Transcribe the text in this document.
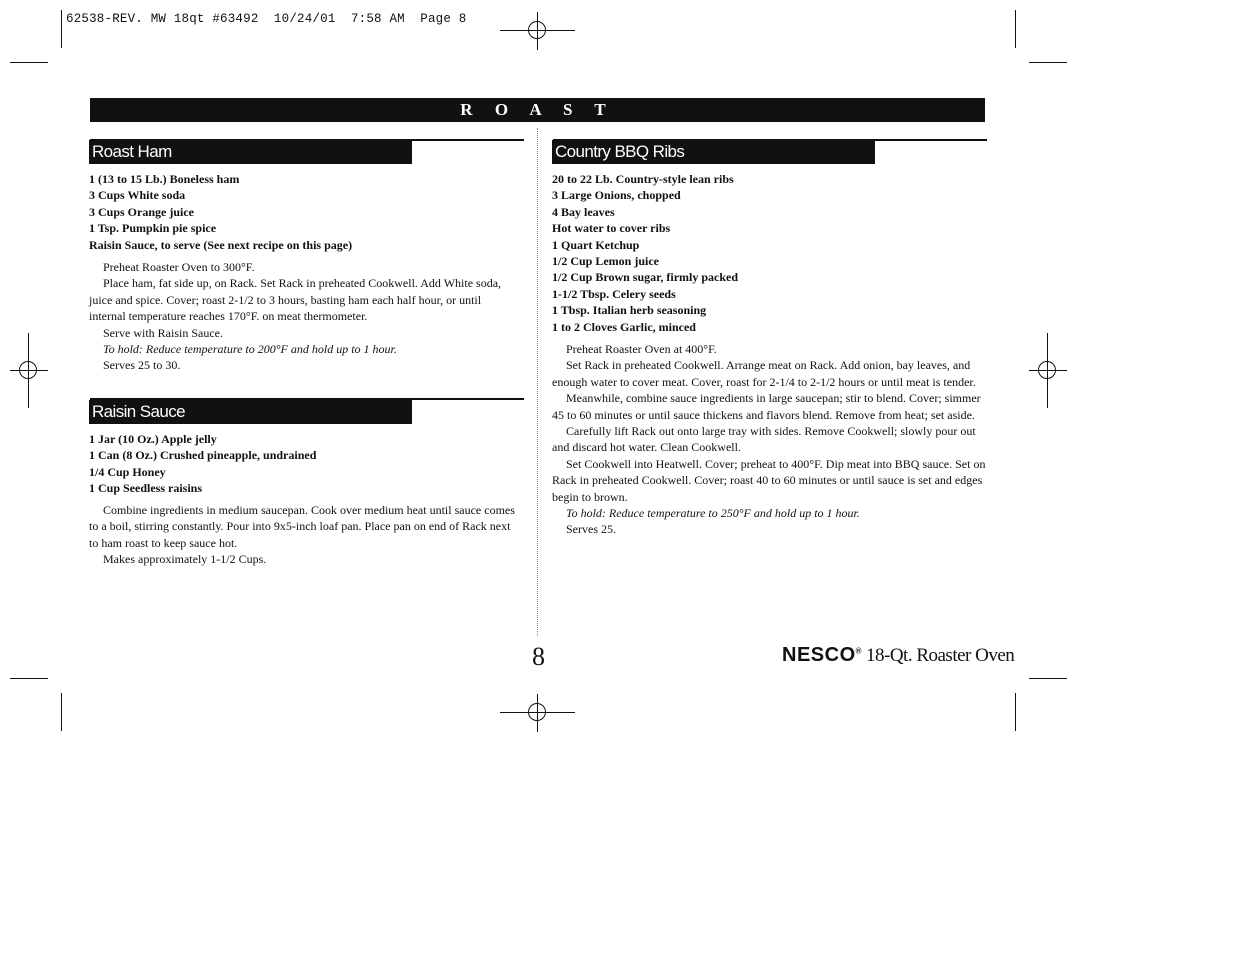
62538-REV. MW 18qt #63492  10/24/01  7:58 AM  Page 8
R O A S T
Roast Ham
1 (13 to 15 Lb.) Boneless ham
3 Cups White soda
3 Cups Orange juice
1 Tsp. Pumpkin pie spice
Raisin Sauce, to serve (See next recipe on this page)

Preheat Roaster Oven to 300°F.

Place ham, fat side up, on Rack. Set Rack in preheated Cookwell. Add White soda, juice and spice. Cover; roast 2-1/2 to 3 hours, basting ham each half hour, or until internal temperature reaches 170°F. on meat thermometer.

Serve with Raisin Sauce.

To hold: Reduce temperature to 200°F and hold up to 1 hour.

Serves 25 to 30.

Raisin Sauce
1 Jar (10 Oz.) Apple jelly
1 Can (8 Oz.) Crushed pineapple, undrained
1/4 Cup Honey
1 Cup Seedless raisins

Combine ingredients in medium saucepan. Cook over medium heat until sauce comes to a boil, stirring constantly. Pour into 9x5-inch loaf pan. Place pan on end of Rack next to ham roast to keep sauce hot.

Makes approximately 1-1/2 Cups.

Country BBQ Ribs
20 to 22 Lb. Country-style lean ribs
3 Large Onions, chopped
4 Bay leaves
Hot water to cover ribs
1 Quart Ketchup
1/2 Cup Lemon juice
1/2 Cup Brown sugar, firmly packed
1-1/2 Tbsp. Celery seeds
1 Tbsp. Italian herb seasoning
1 to 2 Cloves Garlic, minced

Preheat Roaster Oven at 400°F.

Set Rack in preheated Cookwell. Arrange meat on Rack. Add onion, bay leaves, and enough water to cover meat. Cover, roast for 2-1/4 to 2-1/2 hours or until meat is tender.

Meanwhile, combine sauce ingredients in large saucepan; stir to blend. Cover; simmer 45 to 60 minutes or until sauce thickens and flavors blend. Remove from heat; set aside.

Carefully lift Rack out onto large tray with sides. Remove Cookwell; slowly pour out and discard hot water. Clean Cookwell.

Set Cookwell into Heatwell. Cover; preheat to 400°F. Dip meat into BBQ sauce. Set on Rack in preheated Cookwell. Cover; roast 40 to 60 minutes or until sauce is set and edges begin to brown.

To hold: Reduce temperature to 250°F and hold up to 1 hour.

Serves 25.

8	NESCO® 18-Qt. Roaster Oven
